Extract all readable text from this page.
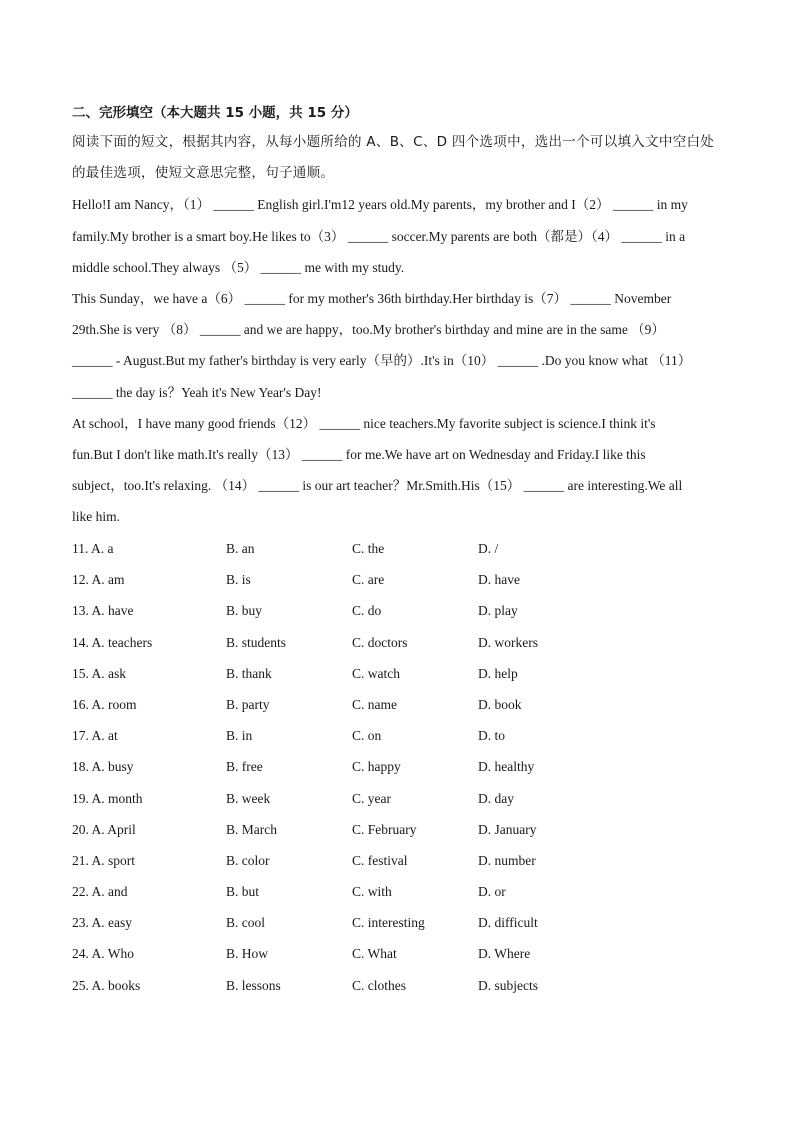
二、完形填空（本大题共 15 小题，共 15 分）
阅读下面的短文，根据其内容，从每小题所给的 A、B、C、D 四个选项中，选出一个可以填入文中空白处
的最佳选项，使短文意思完整，句子通顺。
Hello!I am Nancy，（1） ______ English girl.I'm12 years old.My parents，my brother and I（2） ______ in my
family.My brother is a smart boy.He likes to（3） ______ soccer.My parents are both（都是）（4） ______ in a
middle school.They always （5） ______ me with my study.
This Sunday，we have a（6） ______ for my mother's 36th birthday.Her birthday is（7） ______ November
29th.She is very （8） ______ and we are happy，too.My brother's birthday and mine are in the same （9）
______ - August.But my father's birthday is very early（早的）.It's in（10） ______ .Do you know what （11）
______ the day is？Yeah it's New Year's Day!
At school，I have many good friends（12） ______ nice teachers.My favorite subject is science.I think it's
fun.But I don't like math.It's really（13） ______ for me.We have art on Wednesday and Friday.I like this
subject，too.It's relaxing. （14） ______ is our art teacher？Mr.Smith.His（15） ______ are interesting.We all
like him.
11. A. a	B. an	C. the	D. /
12. A. am	B. is	C. are	D. have
13. A. have	B. buy	C. do	D. play
14. A. teachers	B. students	C. doctors	D. workers
15. A. ask	B. thank	C. watch	D. help
16. A. room	B. party	C. name	D. book
17. A. at	B. in	C. on	D. to
18. A. busy	B. free	C. happy	D. healthy
19. A. month	B. week	C. year	D. day
20. A. April	B. March	C. February	D. January
21. A. sport	B. color	C. festival	D. number
22. A. and	B. but	C. with	D. or
23. A. easy	B. cool	C. interesting	D. difficult
24. A. Who	B. How	C. What	D. Where
25. A. books	B. lessons	C. clothes	D. subjects
